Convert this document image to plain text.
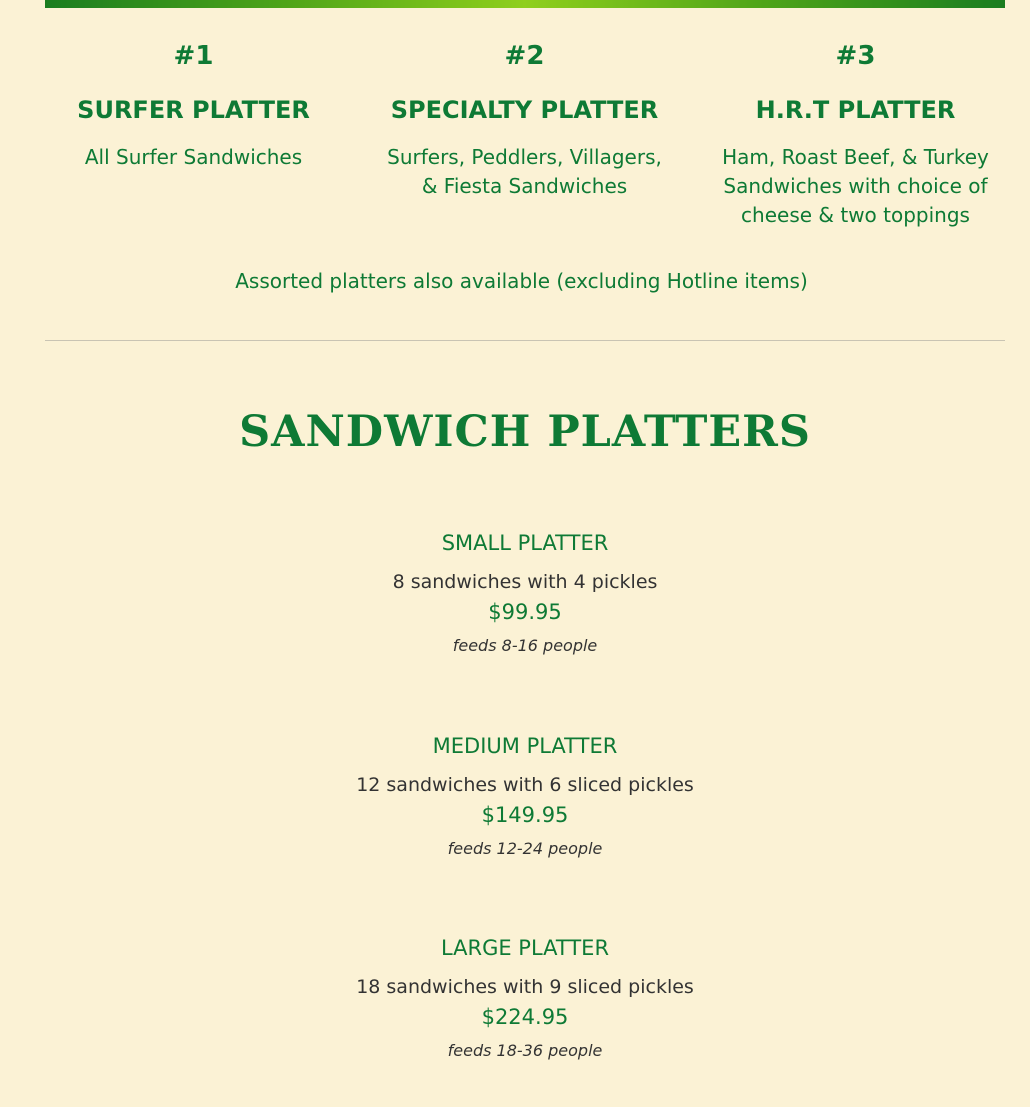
#1
SURFER PLATTER
All Surfer Sandwiches
#2
SPECIALTY PLATTER
Surfers, Peddlers, Villagers, & Fiesta Sandwiches
#3
H.R.T PLATTER
Ham, Roast Beef, & Turkey Sandwiches with choice of cheese & two toppings
Assorted platters also available (excluding Hotline items)
SANDWICH PLATTERS
SMALL PLATTER
8 sandwiches with 4 pickles
$99.95
feeds 8-16 people
MEDIUM PLATTER
12 sandwiches with 6 sliced pickles
$149.95
feeds 12-24 people
LARGE PLATTER
18 sandwiches with 9 sliced pickles
$224.95
feeds 18-36 people
